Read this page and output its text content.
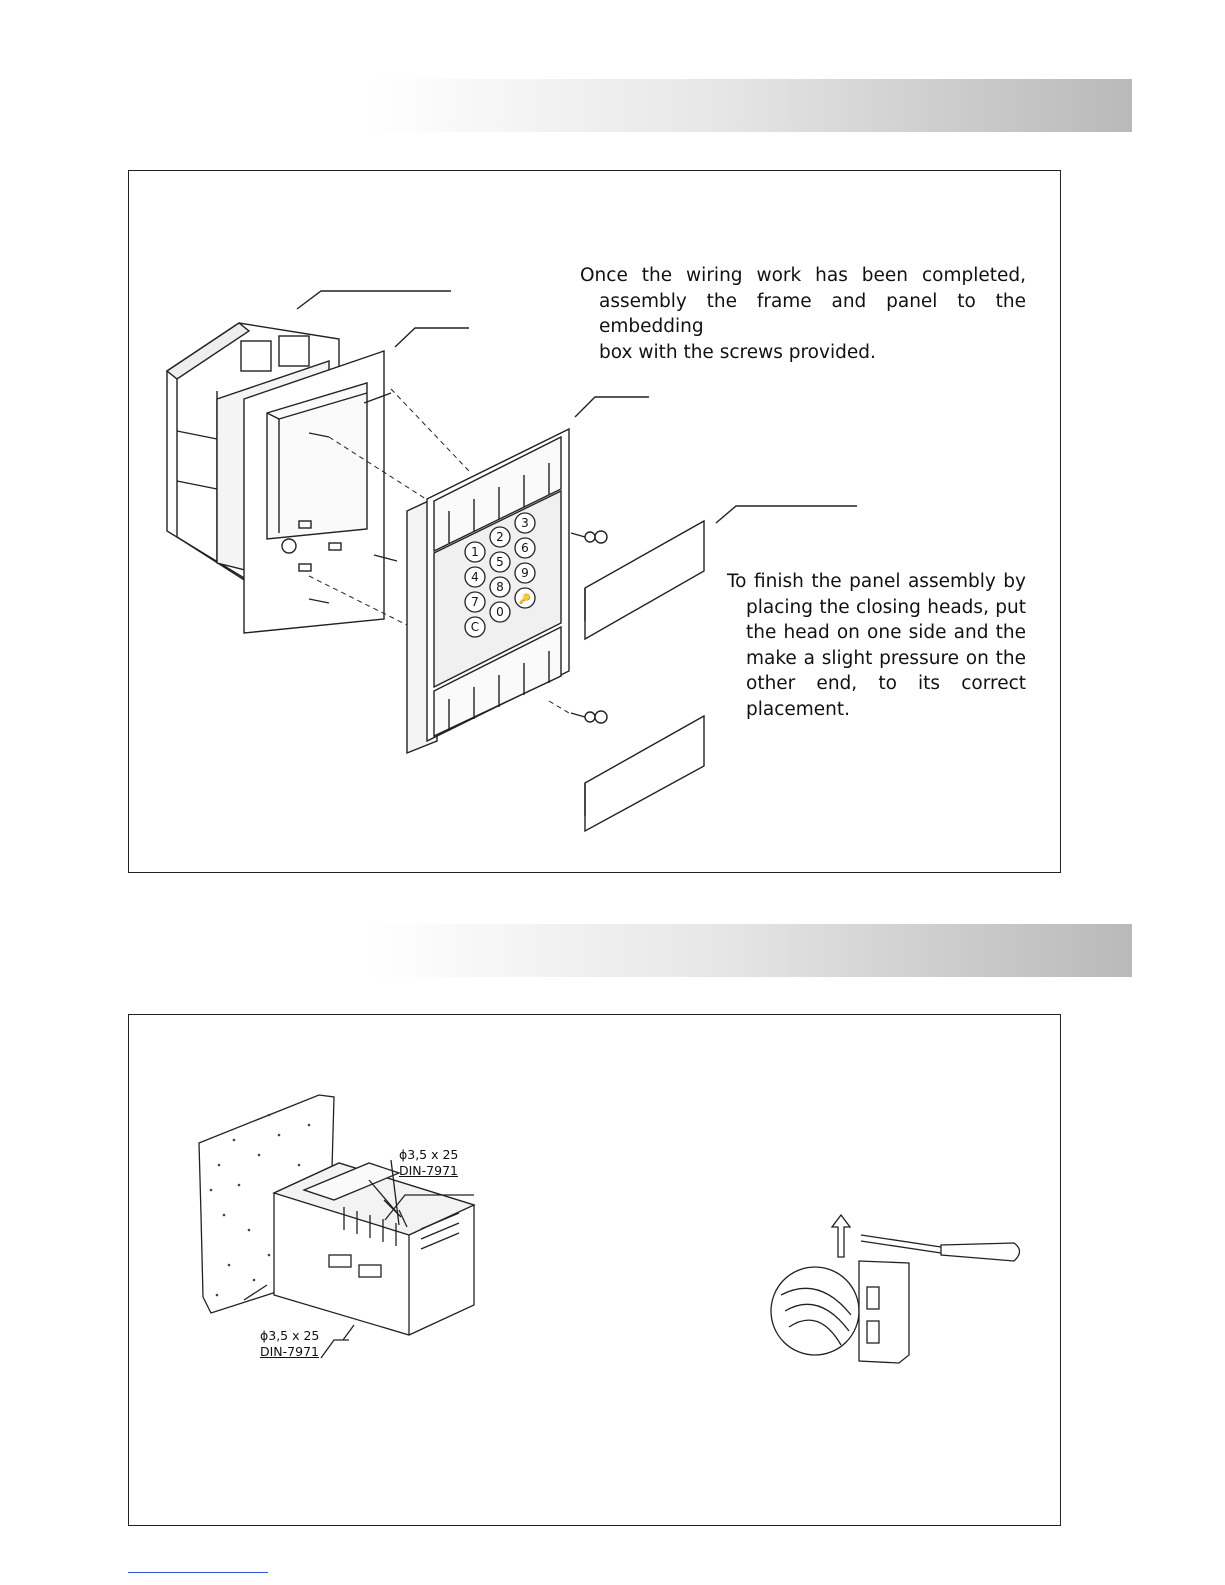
1
2
3
4
5
6
7
8
9
C
0
🔑
Once the wiring work has been completed,
assembly the frame and panel to the embedding
box with the screws provided.
To finish the panel assembly by
placing the closing heads, put
the head on one side and the
make a slight pressure on the
other end, to its correct
placement.
ϕ3,5 x 25
DIN-7971
ϕ3,5 x 25
DIN-7971
